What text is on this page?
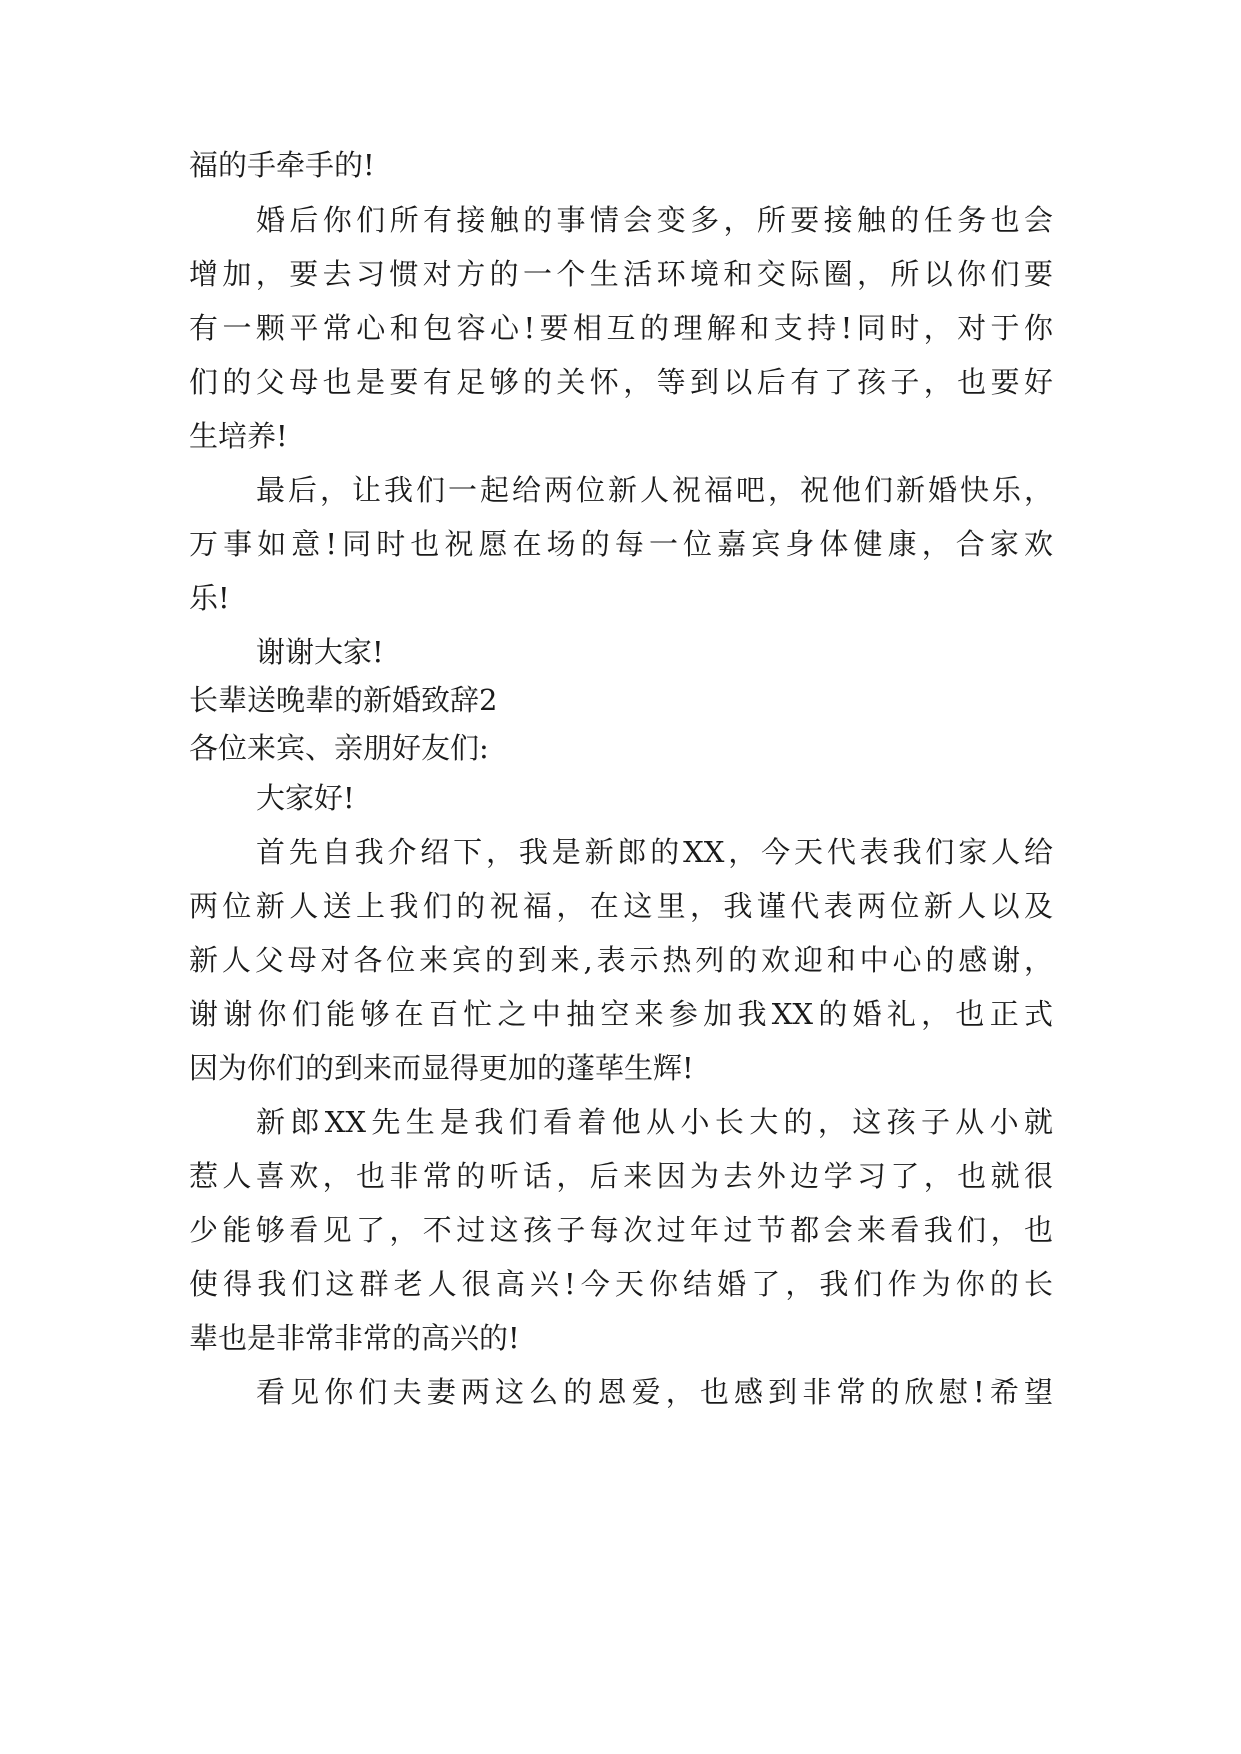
福的手牵手的!

婚后你们所有接触的事情会变多，所要接触的任务也会

增加，要去习惯对方的一个生活环境和交际圈，所以你们要

有一颗平常心和包容心!要相互的理解和支持!同时，对于你

们的父母也是要有足够的关怀，等到以后有了孩子，也要好

生培养!

最后，让我们一起给两位新人祝福吧，祝他们新婚快乐，

万事如意!同时也祝愿在场的每一位嘉宾身体健康，合家欢

乐!

谢谢大家!

长辈送晚辈的新婚致辞2

各位来宾、亲朋好友们:

大家好!

首先自我介绍下，我是新郎的XX，今天代表我们家人给

两位新人送上我们的祝福，在这里，我谨代表两位新人以及

新人父母对各位来宾的到来,表示热列的欢迎和中心的感谢，

谢谢你们能够在百忙之中抽空来参加我XX的婚礼，也正式

因为你们的到来而显得更加的蓬荜生辉!

新郎XX先生是我们看着他从小长大的，这孩子从小就

惹人喜欢，也非常的听话，后来因为去外边学习了，也就很

少能够看见了，不过这孩子每次过年过节都会来看我们，也

使得我们这群老人很高兴!今天你结婚了，我们作为你的长

辈也是非常非常的高兴的!

看见你们夫妻两这么的恩爱，也感到非常的欣慰!希望
